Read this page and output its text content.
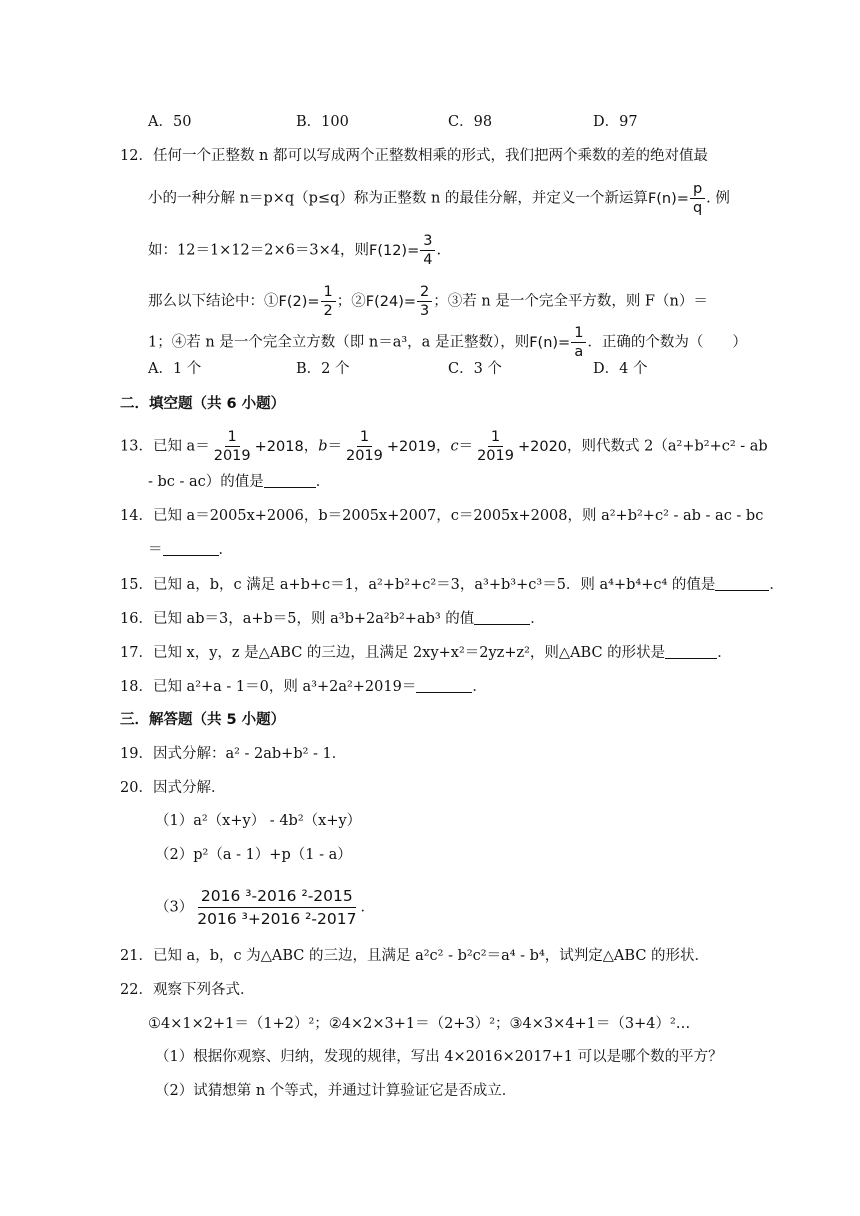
A．50	B．100	C．98	D．97
12．任何一个正整数 n 都可以写成两个正整数相乘的形式，我们把两个乘数的差的绝对值最
小的一种分解 n＝p×q（p≤q）称为正整数 n 的最佳分解，并定义一个新运算$F(n)= \frac{p}{q}$ . 例
如：12＝1×12＝2×6＝3×4，则$F(12)= \frac{3}{4}$ .
那么以下结论中：①F(2)= $\frac{1}{2}$ ；②F(24)= $\frac{2}{3}$ ；③若 n 是一个完全平方数，则 F（n）＝
1；④若 n 是一个完全立方数（即 n＝a³，a 是正整数），则$F(n)= \frac{1}{a}$ ．正确的个数为（　　）
A．1 个	B．2 个	C．3 个	D．4 个
二．填空题（共 6 小题）
13．已知 $a= \frac{1}{2019} +2018$，$b= \frac{1}{2019} +2019$，$c= \frac{1}{2019} +2020$，则代数式 2（a²+b²+c² - ab
- bc - ac）的值是	．
14．已知 a＝2005x+2006，b＝2005x+2007，c＝2005x+2008，则 a²+b²+c² - ab - ac - bc
＝	．
15．已知 a，b，c 满足 a+b+c＝1，a²+b²+c²＝3，a³+b³+c³＝5．则 a⁴+b⁴+c⁴ 的值是	．
16．已知 ab＝3，a+b＝5，则 a³b+2a²b²+ab³ 的值	．
17．已知 x，y，z 是△ABC 的三边，且满足 2xy+x²＝2yz+z²，则△ABC 的形状是	．
18．已知 a²+a - 1＝0，则 a³+2a²+2019＝	．
三．解答题（共 5 小题）
19．因式分解：a² - 2ab+b² - 1．
20．因式分解．
（1）a²（x+y） - 4b²（x+y）
（2）p²（a - 1）+p（1 - a）
$(3) \frac{\text{2016 ³-2016 ²-2015}}{\text{2016 ³+2016 ²-2017}}$ ．
21．已知 a，b，c 为△ABC 的三边，且满足 a²c² - b²c²＝a⁴ - b⁴，试判定△ABC 的形状．
22．观察下列各式．
①4×1×2+1＝（1+2）²；②4×2×3+1＝（2+3）²；③4×3×4+1＝（3+4）²…
（1）根据你观察、归纳，发现的规律，写出 4×2016×2017+1 可以是哪个数的平方？
（2）试猜想第 n 个等式，并通过计算验证它是否成立．
